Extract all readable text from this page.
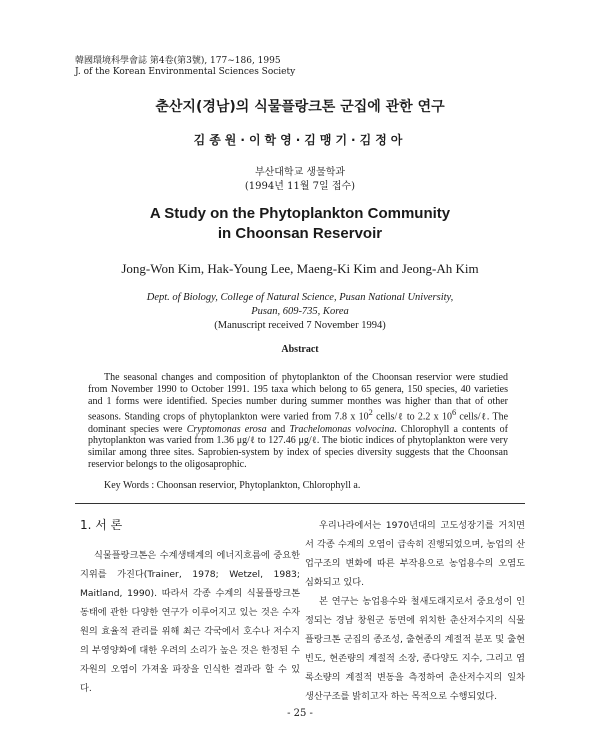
韓國環境科學會誌 第4卷(第3號), 177∼186, 1995
J. of the Korean Environmental Sciences Society
춘산지(경남)의 식물플랑크톤 군집에 관한 연구
김종원·이학영·김맹기·김정아
부산대학교 생물학과
(1994년 11월 7일 접수)
A Study on the Phytoplankton Community
in Choonsan Reservoir
Jong-Won Kim, Hak-Young Lee, Maeng-Ki Kim and Jeong-Ah Kim
Dept. of Biology, College of Natural Science, Pusan National University,
Pusan, 609-735, Korea
(Manuscript received 7 November 1994)
Abstract

The seasonal changes and composition of phytoplankton of the Choonsan reservior were studied from November 1990 to October 1991. 195 taxa which belong to 65 genera, 150 species, 40 varieties and 1 forms were identified. Species number during summer monthes was higher than that of other seasons. Standing crops of phytoplankton were varied from 7.8 x $10^2$ cells/ℓ to 2.2 x $10^6$ cells/ℓ. The dominant species were Cryptomonas erosa and Trachelomonas volvocina. Chlorophyll a contents of phytoplankton was varied from 1.36 μg/ℓ to 127.46 μg/ℓ. The biotic indices of phytoplankton were very similar among three sites. Saprobien-system by index of species diversity suggests that the Choonsan reservior belongs to the oligosaprophic.

Key Words : Choonsan reservior, Phytoplankton, Chlorophyll a.
1. 서 론

식물플랑크톤은 수계생태계의 에너지흐름에 중요한 지위를 가진다(Trainer, 1978; Wetzel, 1983; Maitland, 1990). 따라서 각종 수계의 식물플랑크톤 동태에 관한 다양한 연구가 이루어지고 있는 것은 수자원의 효율적 관리를 위해 최근 각국에서 호수나 저수지의 부영양화에 대한 우려의 소리가 높은 것은 한정된 수자원의 오염이 가져올 파장을 인식한 결과라 할 수 있다.

우리나라에서는 1970년대의 고도성장기를 거치면서 각종 수계의 오염이 급속히 진행되었으며, 농업의 산업구조의 변화에 따른 부작용으로 농업용수의 오염도 심화되고 있다.

본 연구는 농업용수와 철새도래지로서 중요성이 인정되는 경남 창원군 동면에 위치한 춘산저수지의 식물플랑크톤 군집의 종조성, 출현종의 계절적 분포 및 출현빈도, 현존량의 계절적 소장, 종다양도 지수, 그리고 엽록소량의 계절적 변동을 측정하여 춘산저수지의 일차 생산구조를 밝히고자 하는 목적으로 수행되었다.

- 25 -
